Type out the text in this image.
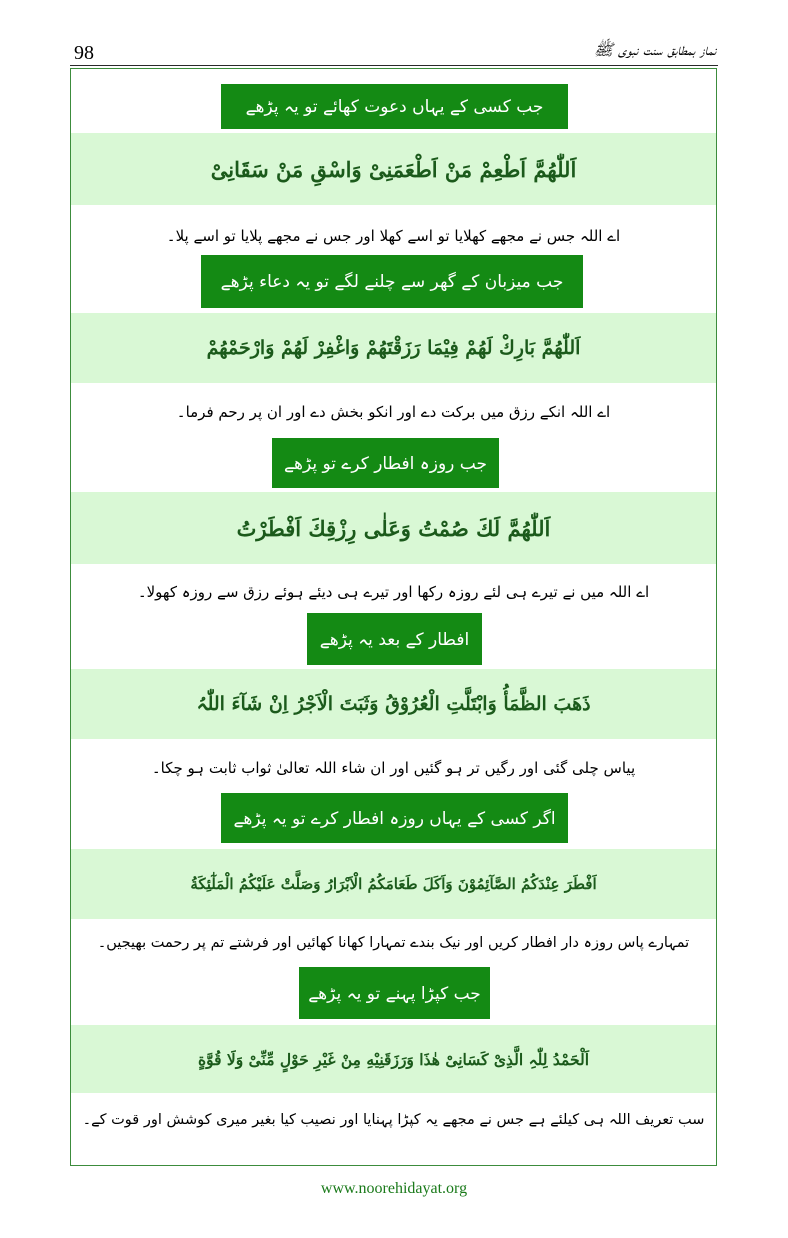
98	نماز بمطابق سنت نبوی ﷺ
جب کسی کے یہاں دعوت کھائے تو یہ پڑھے
اَللّٰھُمَّ اَطْعِمْ مَنْ اَطْعَمَنِیْ وَاسْقِ مَنْ سَقَانِیْ
اے اللہ جس نے مجھے کھلایا تو اسے کھلا اور جس نے مجھے پلایا تو اسے پلا۔
جب میزبان کے گھر سے چلنے لگے تو یہ دعاء پڑھے
اَللّٰھُمَّ بَارِكْ لَھُمْ فِیْمَا رَزَقْتَھُمْ وَاغْفِرْ لَھُمْ وَارْحَمْھُمْ
اے اللہ انکے رزق میں برکت دے اور انکو بخش دے اور ان پر رحم فرما۔
جب روزہ افطار کرے تو پڑھے
اَللّٰھُمَّ لَكَ صُمْتُ وَعَلٰی رِزْقِكَ اَفْطَرْتُ
اے اللہ میں نے تیرے ہی لئے روزہ رکھا اور تیرے ہی دیئے ہوئے رزق سے روزہ کھولا۔
افطار کے بعد یہ پڑھے
ذَھَبَ الظَّمَأُ وَابْتَلَّتِ الْعُرُوْقُ وَثَبَتَ الْاَجْرُ اِنْ شَآءَ اللّٰہُ
پیاس چلی گئی اور رگیں تر ہو گئیں اور ان شاء اللہ تعالیٰ ثواب ثابت ہو چکا۔
اگر کسی کے یہاں روزہ افطار کرے تو یہ پڑھے
اَفْطَرَ عِنْدَکُمُ الصَّآئِمُوْنَ وَاَکَلَ طَعَامَکُمُ الْاَبْرَارُ وَصَلَّتْ عَلَیْکُمُ الْمَلٰٓئِکَةُ
تمہارے پاس روزہ دار افطار کریں اور نیک بندے تمہارا کھانا کھائیں اور فرشتے تم پر رحمت بھیجیں۔
جب کپڑا پہنے تو یہ پڑھے
اَلْحَمْدُ لِلّٰہِ الَّذِیْ کَسَانِیْ ھٰذَا وَرَزَقَنِیْهِ مِنْ غَیْرِ حَوْلٍ مِّنِّیْ وَلَا قُوَّةٍ
سب تعریف اللہ ہی کیلئے ہے جس نے مجھے یہ کپڑا پہنایا اور نصیب کیا بغیر میری کوشش اور قوت کے۔
www.noorehidayat.org
